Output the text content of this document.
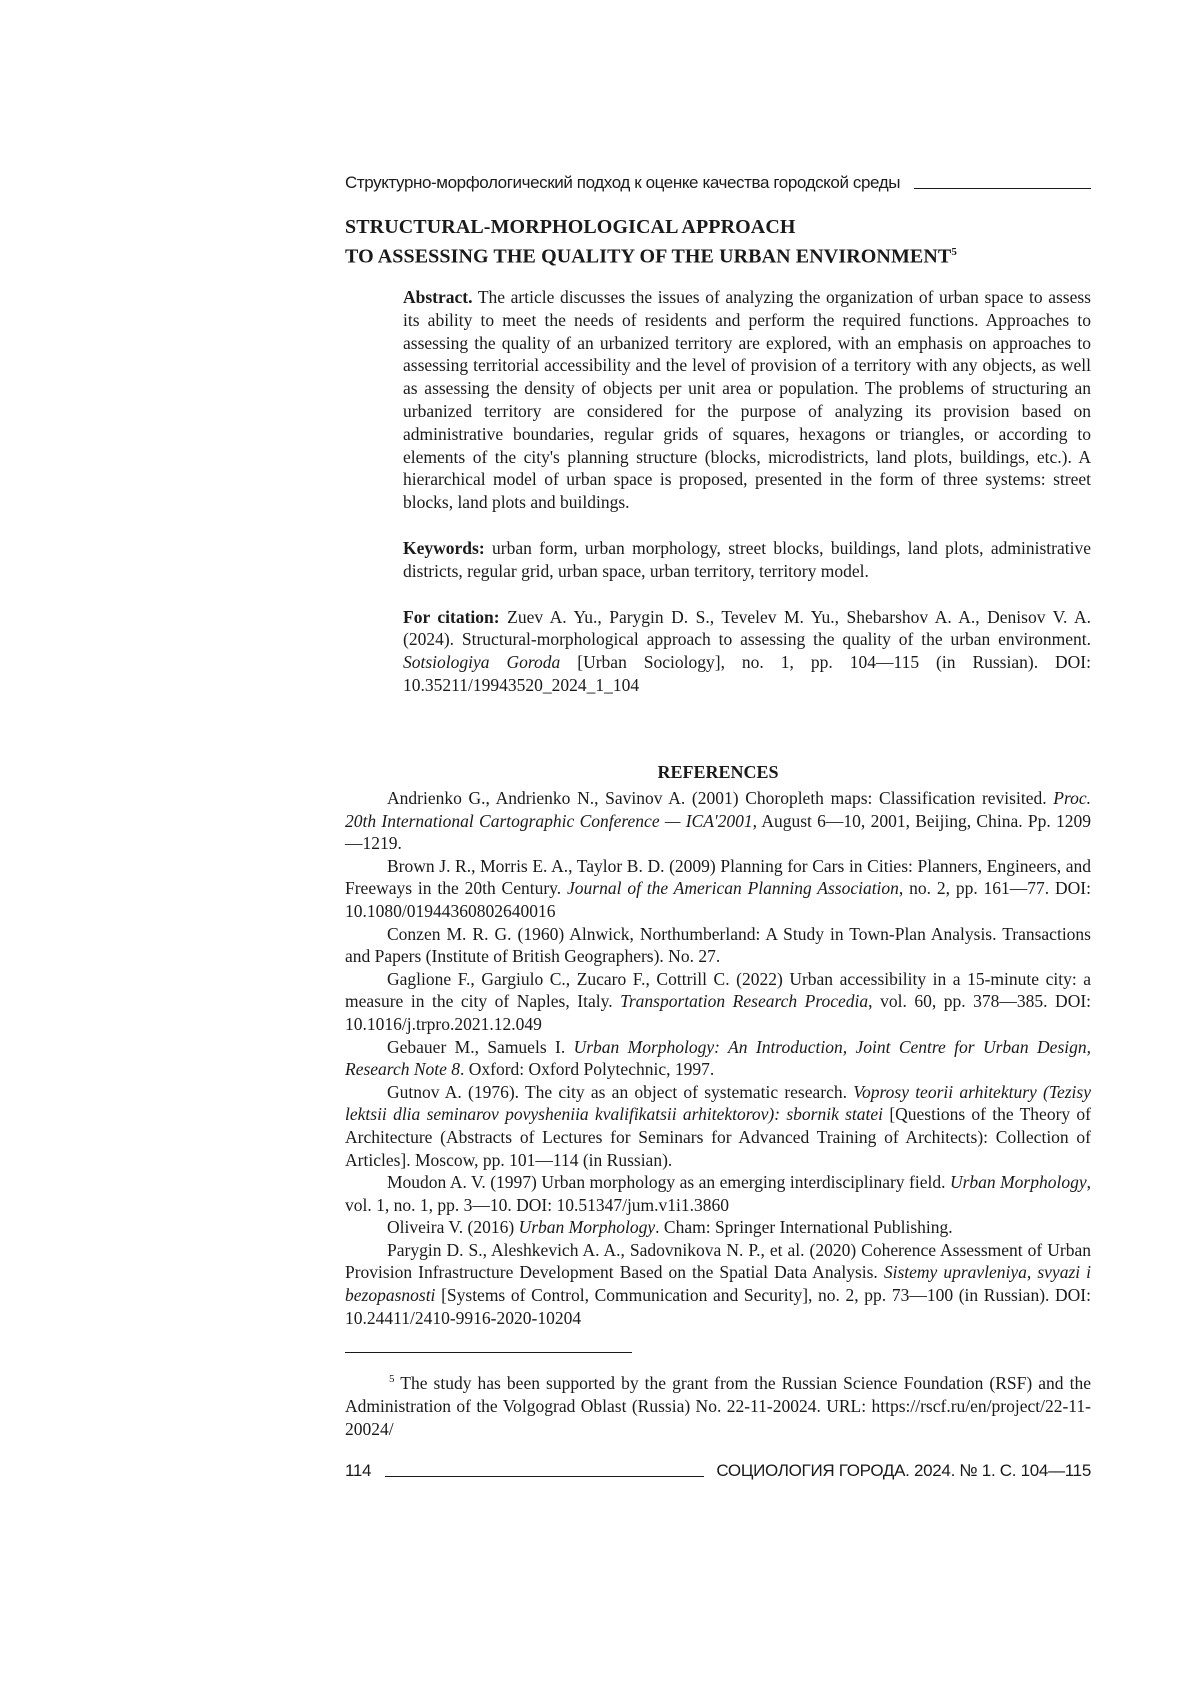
Структурно-морфологический подход к оценке качества городской среды
STRUCTURAL-MORPHOLOGICAL APPROACH
TO ASSESSING THE QUALITY OF THE URBAN ENVIRONMENT$^5$

Abstract. The article discusses the issues of analyzing the organization of urban space to assess its ability to meet the needs of residents and perform the required functions. Approaches to assessing the quality of an urbanized territory are explored, with an emphasis on approaches to assessing territorial accessibility and the level of provision of a territory with any objects, as well as assessing the density of objects per unit area or population. The problems of structuring an urbanized territory are considered for the purpose of analyzing its provision based on administrative boundaries, regular grids of squares, hexagons or triangles, or according to elements of the city's planning structure (blocks, microdistricts, land plots, buildings, etc.). A hierarchical model of urban space is proposed, presented in the form of three systems: street blocks, land plots and buildings.

Keywords: urban form, urban morphology, street blocks, buildings, land plots, administrative districts, regular grid, urban space, urban territory, territory model.

For citation: Zuev A. Yu., Parygin D. S., Tevelev M. Yu., Shebarshov A. A., Denisov V. A. (2024). Structural-morphological approach to assessing the quality of the urban environment. Sotsiologiya Goroda [Urban Sociology], no. 1, pp. 104—115 (in Russian). DOI: 10.35211/19943520_2024_1_104

REFERENCES

Andrienko G., Andrienko N., Savinov A. (2001) Choropleth maps: Classification revisited. Proc. 20th International Cartographic Conference — ICA'2001, August 6—10, 2001, Beijing, China. Pp. 1209—1219.

Brown J. R., Morris E. A., Taylor B. D. (2009) Planning for Cars in Cities: Planners, Engineers, and Freeways in the 20th Century. Journal of the American Planning Association, no. 2, pp. 161—77. DOI: 10.1080/01944360802640016

Conzen M. R. G. (1960) Alnwick, Northumberland: A Study in Town-Plan Analysis. Transactions and Papers (Institute of British Geographers). No. 27.

Gaglione F., Gargiulo C., Zucaro F., Cottrill C. (2022) Urban accessibility in a 15-minute city: a measure in the city of Naples, Italy. Transportation Research Procedia, vol. 60, pp. 378—385. DOI: 10.1016/j.trpro.2021.12.049

Gebauer M., Samuels I. Urban Morphology: An Introduction, Joint Centre for Urban Design, Research Note 8. Oxford: Oxford Polytechnic, 1997.

Gutnov A. (1976). The city as an object of systematic research. Voprosy teorii arhitektury (Tezisy lektsii dlia seminarov povysheniia kvalifikatsii arhitektorov): sbornik statei [Questions of the Theory of Architecture (Abstracts of Lectures for Seminars for Advanced Training of Architects): Collection of Articles]. Moscow, pp. 101—114 (in Russian).

Moudon A. V. (1997) Urban morphology as an emerging interdisciplinary field. Urban Morphology, vol. 1, no. 1, pp. 3—10. DOI: 10.51347/jum.v1i1.3860

Oliveira V. (2016) Urban Morphology. Cham: Springer International Publishing.

Parygin D. S., Aleshkevich A. A., Sadovnikova N. P., et al. (2020) Coherence Assessment of Urban Provision Infrastructure Development Based on the Spatial Data Analysis. Sistemy upravleniya, svyazi i bezopasnosti [Systems of Control, Communication and Security], no. 2, pp. 73—100 (in Russian). DOI: 10.24411/2410-9916-2020-10204

$^5$ The study has been supported by the grant from the Russian Science Foundation (RSF) and the Administration of the Volgograd Oblast (Russia) No. 22-11-20024. URL: https://rscf.ru/en/project/22-11-20024/
114	СОЦИОЛОГИЯ ГОРОДА. 2024. № 1. С. 104—115
